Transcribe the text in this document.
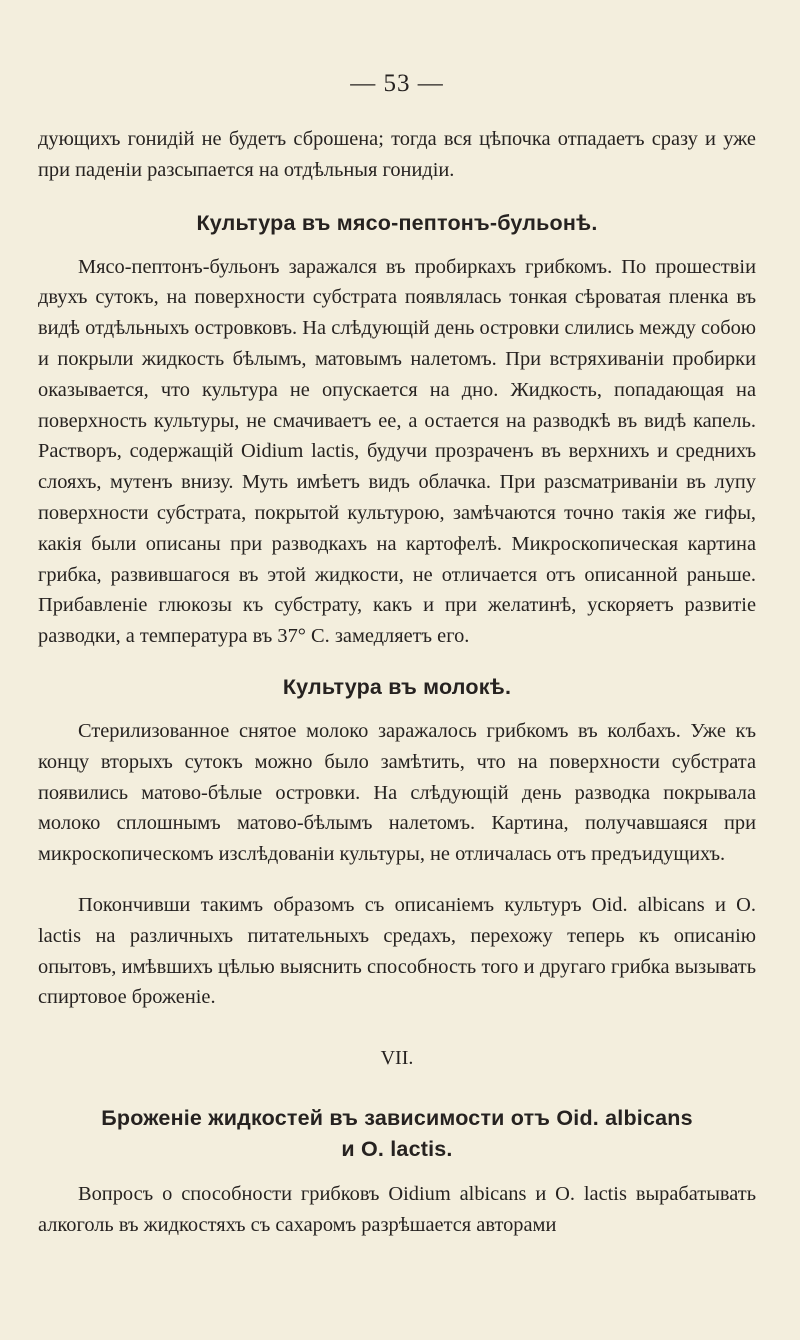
— 53 —

дующихъ гонидій не будетъ сброшена; тогда вся цѣпочка отпадаетъ сразу и уже при паденіи разсыпается на отдѣльныя гонидіи.

Культура въ мясо-пептонъ-бульонѣ.

Мясо-пептонъ-бульонъ заражался въ пробиркахъ грибкомъ. По прошествіи двухъ сутокъ, на поверхности субстрата появлялась тонкая сѣроватая пленка въ видѣ отдѣльныхъ островковъ. На слѣдующій день островки слились между собою и покрыли жидкость бѣлымъ, матовымъ налетомъ. При встряхиваніи пробирки оказывается, что культура не опускается на дно. Жидкость, попадающая на поверхность культуры, не смачиваетъ ее, а остается на разводкѣ въ видѣ капель. Растворъ, содержащій Oidium lactis, будучи прозраченъ въ верхнихъ и среднихъ слояхъ, мутенъ внизу. Муть имѣетъ видъ облачка. При разсматриваніи въ лупу поверхности субстрата, покрытой культурою, замѣчаются точно такія же гифы, какія были описаны при разводкахъ на картофелѣ. Микроскопическая картина грибка, развившагося въ этой жидкости, не отличается отъ описанной раньше. Прибавленіе глюкозы къ субстрату, какъ и при желатинѣ, ускоряетъ развитіе разводки, а температура въ 37° С. замедляетъ его.

Культура въ молокѣ.

Стерилизованное снятое молоко заражалось грибкомъ въ колбахъ. Уже къ концу вторыхъ сутокъ можно было замѣтить, что на поверхности субстрата появились матово-бѣлые островки. На слѣдующій день разводка покрывала молоко сплошнымъ матово-бѣлымъ налетомъ. Картина, получавшаяся при микроскопическомъ изслѣдованіи культуры, не отличалась отъ предъидущихъ.

Покончивши такимъ образомъ съ описаніемъ культуръ Oid. albicans и O. lactis на различныхъ питательныхъ средахъ, перехожу теперь къ описанію опытовъ, имѣвшихъ цѣлью выяснить способность того и другаго грибка вызывать спиртовое броженіе.

VII.
Броженіе жидкостей въ зависимости отъ Oid. albicans
и O. lactis.

Вопросъ о способности грибковъ Oidium albicans и O. lactis вырабатывать алкоголь въ жидкостяхъ съ сахаромъ разрѣшается авторами
